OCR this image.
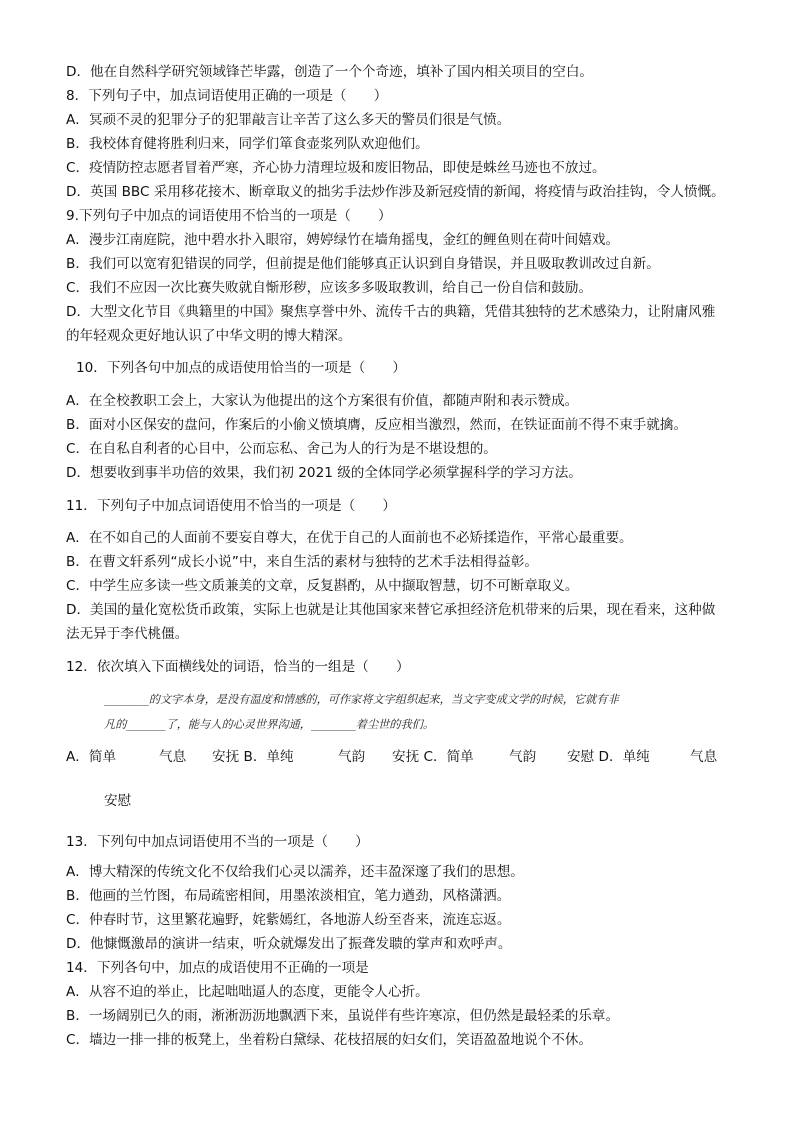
D．他在自然科学研究领域锋芒毕露，创造了一个个奇迹，填补了国内相关项目的空白。
8．下列句子中，加点词语使用正确的一项是（　　）
A．冥顽不灵的犯罪分子的犯罪敲言让辛苦了这么多天的警员们很是气愤。
B．我校体育健将胜利归来，同学们箪食壶浆列队欢迎他们。
C．疫情防控志愿者冒着严寒，齐心协力清理垃圾和废旧物品，即使是蛛丝马迹也不放过。
D．英国 BBC 采用移花接木、断章取义的拙劣手法炒作涉及新冠疫情的新闻，将疫情与政治挂钩，令人愤慨。
9.下列句子中加点的词语使用不恰当的一项是（　　）
A．漫步江南庭院，池中碧水扑入眼帘，娉婷绿竹在墙角摇曳，金红的鲤鱼则在荷叶间嬉戏。
B．我们可以宽宥犯错误的同学，但前提是他们能够真正认识到自身错误，并且吸取教训改过自新。
C．我们不应因一次比赛失败就自惭形秽，应该多多吸取教训，给自己一份自信和鼓励。
D．大型文化节目《典籍里的中国》聚焦享誉中外、流传千古的典籍，凭借其独特的艺术感染力，让附庸风雅
的年轻观众更好地认识了中华文明的博大精深。
10．下列各句中加点的成语使用恰当的一项是（　　）
A．在全校教职工会上，大家认为他提出的这个方案很有价值，都随声附和表示赞成。
B．面对小区保安的盘问，作案后的小偷义愤填膺，反应相当激烈，然而，在铁证面前不得不束手就擒。
C．在自私自利者的心目中，公而忘私、舍己为人的行为是不堪设想的。
D．想要收到事半功倍的效果，我们初 2021 级的全体同学必须掌握科学的学习方法。
11．下列句子中加点词语使用不恰当的一项是（　　）
A．在不如自己的人面前不要妄自尊大，在优于自己的人面前也不必矫揉造作，平常心最重要。
B．在曹文轩系列“成长小说”中，来自生活的素材与独特的艺术手法相得益彰。
C．中学生应多读一些文质兼美的文章，反复斟酌，从中撷取智慧，切不可断章取义。
D．美国的量化宽松货币政策，实际上也就是让其他国家来替它承担经济危机带来的后果，现在看来，这种做
法无异于李代桃僵。
12．依次填入下面横线处的词语，恰当的一组是（　　）
________的文字本身，是没有温度和情感的，可作家将文字组织起来，当文字变成文学的时候，它就有非
凡的_______了，能与人的心灵世界沟通，________着尘世的我们。
A．简单	气息 安抚 B．单纯	气韵 安抚 C．简单	气韵 安慰 D．单纯	气息
安慰
13．下列句中加点词语使用不当的一项是（　　）
A．博大精深的传统文化不仅给我们心灵以濡养，还丰盈深邃了我们的思想。
B．他画的兰竹图，布局疏密相间，用墨浓淡相宜，笔力遒劲，风格潇洒。
C．仲春时节，这里繁花遍野，姹紫嫣红，各地游人纷至沓来，流连忘返。
D．他慷慨激昂的演讲一结束，听众就爆发出了振聋发聩的掌声和欢呼声。
14．下列各句中，加点的成语使用不正确的一项是
A．从容不迫的举止，比起咄咄逼人的态度，更能令人心折。
B．一场阔别已久的雨，淅淅沥沥地飘洒下来，虽说伴有些许寒凉，但仍然是最轻柔的乐章。
C．墙边一排一排的板凳上，坐着粉白黛绿、花枝招展的妇女们，笑语盈盈地说个不休。
